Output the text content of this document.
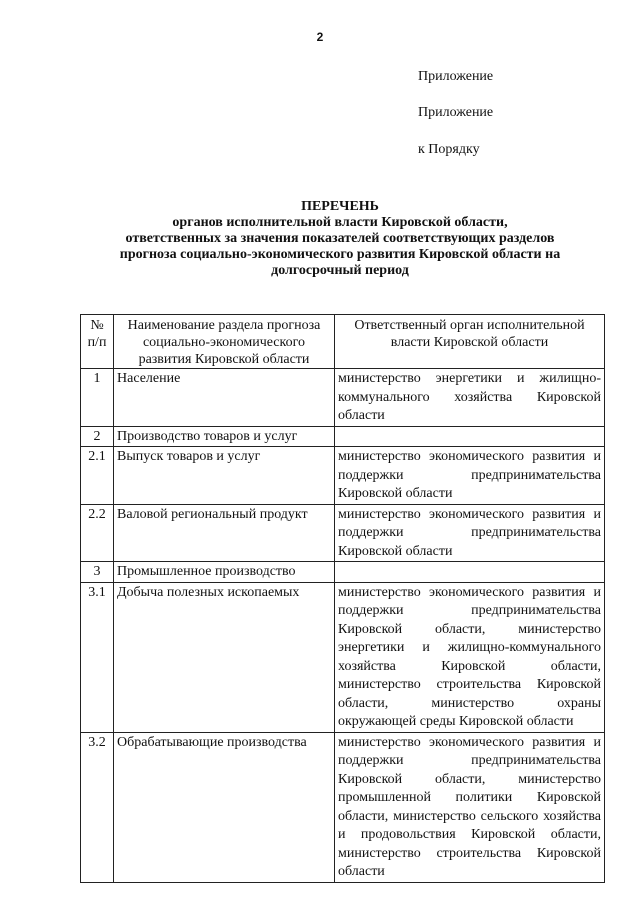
2
Приложение
Приложение
к Порядку
ПЕРЕЧЕНЬ
органов исполнительной власти Кировской области,
ответственных за значения показателей соответствующих разделов
прогноза социально-экономического развития Кировской области на
долгосрочный период
№ п/п	Наименование раздела прогноза социально-экономического развития Кировской области	Ответственный орган исполнительной власти Кировской области
1	Население	министерство энергетики и жилищно-коммунального хозяйства Кировской области
2	Производство товаров и услуг	
2.1	Выпуск товаров и услуг	министерство экономического развития и поддержки предпринимательства Кировской области
2.2	Валовой региональный продукт	министерство экономического развития и поддержки предпринимательства Кировской области
3	Промышленное производство	
3.1	Добыча полезных ископаемых	министерство экономического развития и поддержки предпринимательства Кировской области, министерство энергетики и жилищно-коммунального хозяйства Кировской области, министерство строительства Кировской области, министерство охраны окружающей среды Кировской области
3.2	Обрабатывающие производства	министерство экономического развития и поддержки предпринимательства Кировской области, министерство промышленной политики Кировской области, министерство сельского хозяйства и продовольствия Кировской области, министерство строительства Кировской области
